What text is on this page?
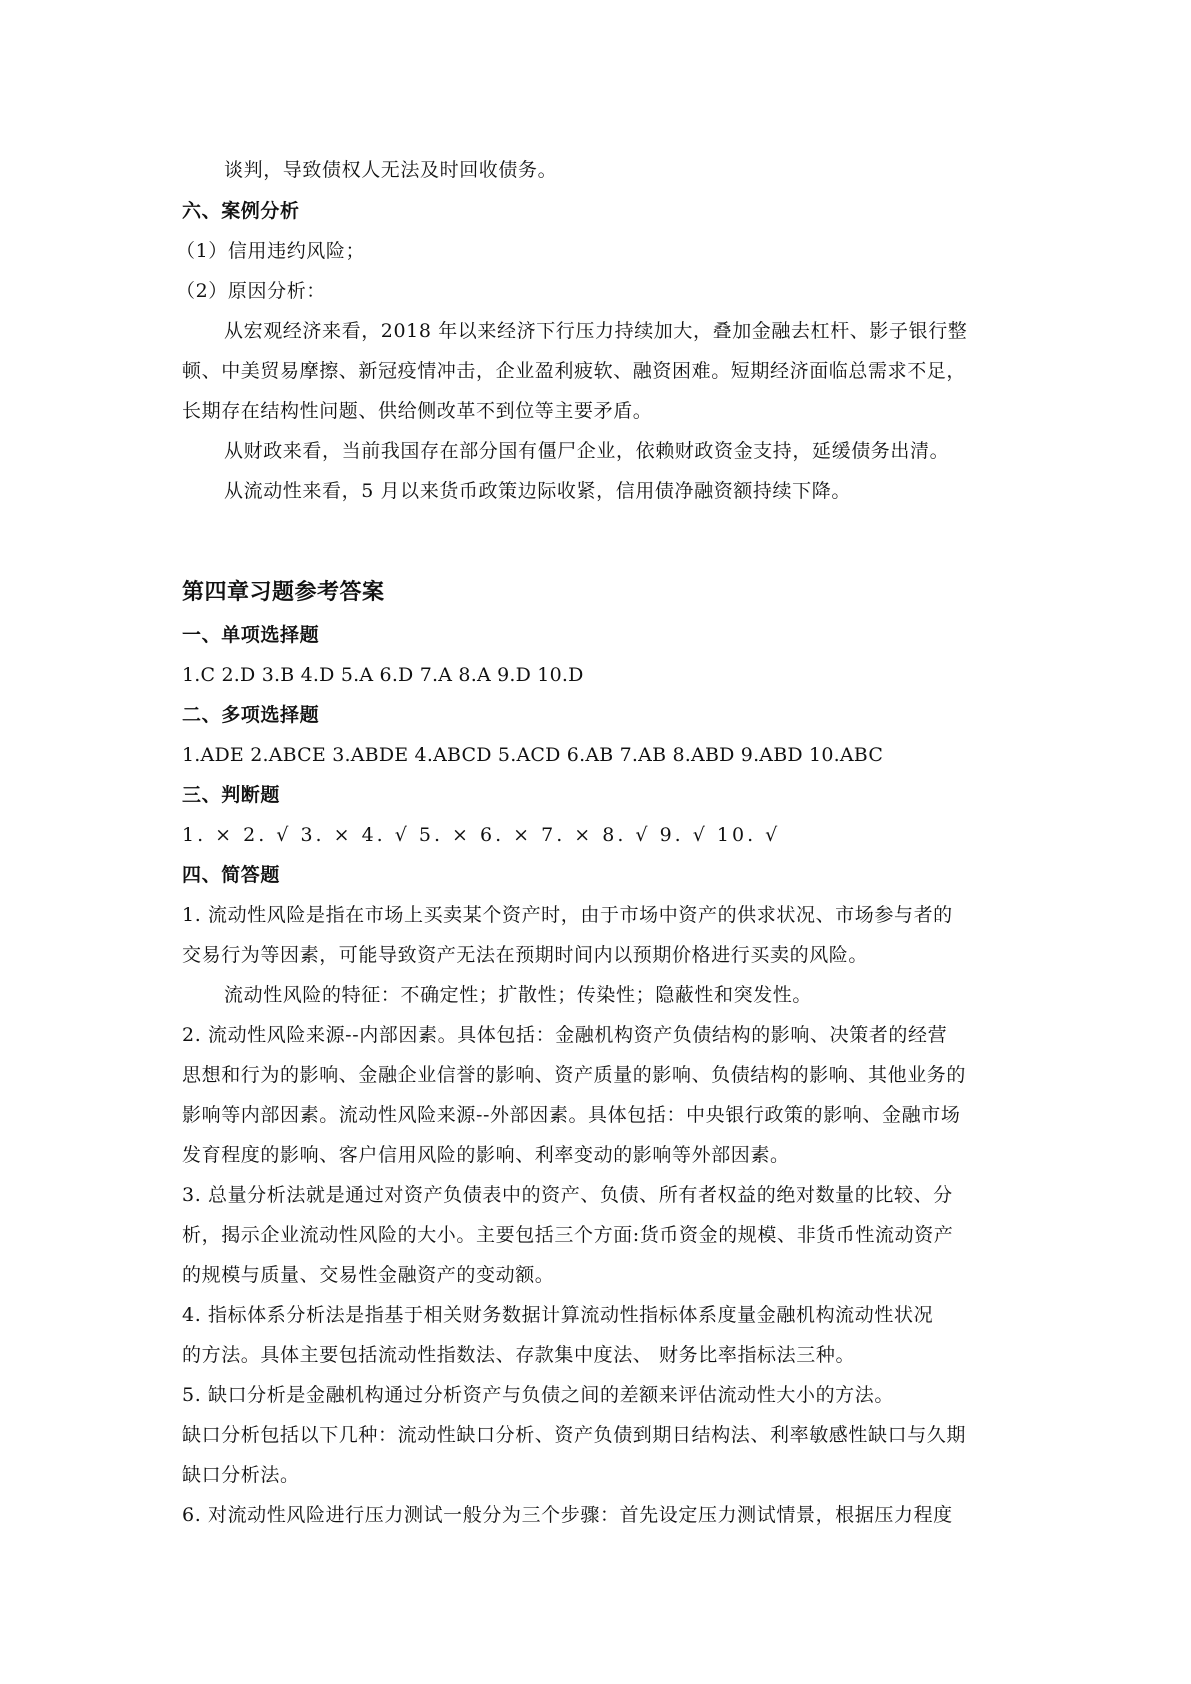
谈判，导致债权人无法及时回收债务。
六、案例分析
（1）信用违约风险；
（2）原因分析：
从宏观经济来看，2018 年以来经济下行压力持续加大，叠加金融去杠杆、影子银行整
顿、中美贸易摩擦、新冠疫情冲击，企业盈利疲软、融资困难。短期经济面临总需求不足，
长期存在结构性问题、供给侧改革不到位等主要矛盾。
从财政来看，当前我国存在部分国有僵尸企业，依赖财政资金支持，延缓债务出清。
从流动性来看，5 月以来货币政策边际收紧，信用债净融资额持续下降。
第四章习题参考答案
一、单项选择题
1.C 2.D 3.B 4.D 5.A 6.D 7.A 8.A 9.D 10.D
二、多项选择题
1.ADE 2.ABCE 3.ABDE 4.ABCD 5.ACD 6.AB 7.AB 8.ABD 9.ABD 10.ABC
三、判断题
1. × 2. √ 3. × 4. √ 5. × 6. × 7. × 8. √ 9. √ 10. √
四、简答题
1. 流动性风险是指在市场上买卖某个资产时，由于市场中资产的供求状况、市场参与者的
交易行为等因素，可能导致资产无法在预期时间内以预期价格进行买卖的风险。
流动性风险的特征：不确定性；扩散性；传染性；隐蔽性和突发性。
2. 流动性风险来源--内部因素。具体包括：金融机构资产负债结构的影响、决策者的经营
思想和行为的影响、金融企业信誉的影响、资产质量的影响、负债结构的影响、其他业务的
影响等内部因素。流动性风险来源--外部因素。具体包括：中央银行政策的影响、金融市场
发育程度的影响、客户信用风险的影响、利率变动的影响等外部因素。
3. 总量分析法就是通过对资产负债表中的资产、负债、所有者权益的绝对数量的比较、分
析，揭示企业流动性风险的大小。主要包括三个方面:货币资金的规模、非货币性流动资产
的规模与质量、交易性金融资产的变动额。
4. 指标体系分析法是指基于相关财务数据计算流动性指标体系度量金融机构流动性状况
的方法。具体主要包括流动性指数法、存款集中度法、 财务比率指标法三种。
5. 缺口分析是金融机构通过分析资产与负债之间的差额来评估流动性大小的方法。
缺口分析包括以下几种：流动性缺口分析、资产负债到期日结构法、利率敏感性缺口与久期
缺口分析法。
6. 对流动性风险进行压力测试一般分为三个步骤：首先设定压力测试情景，根据压力程度
